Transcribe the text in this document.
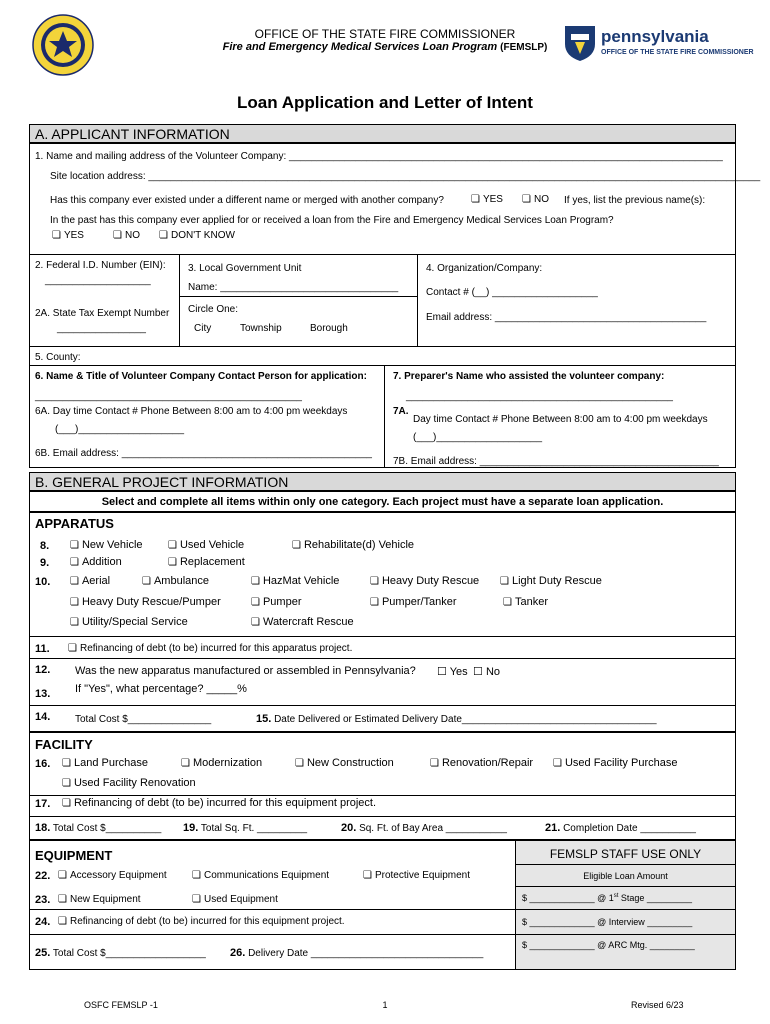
OFFICE OF THE STATE FIRE COMMISSIONER
Fire and Emergency Medical Services Loan Program (FEMSLP)
pennsylvania
OFFICE OF THE STATE FIRE COMMISSIONER
Loan Application and Letter of Intent
A. APPLICANT INFORMATION
1. Name and mailing address of the Volunteer Company: ______________________________________________________________________________
Site location address: ______________________________________________________________________________________________________________
Has this company ever existed under a different name or merged with another company?	❏ YES	❏ NO If yes, list the previous name(s):
In the past has this company ever applied for or received a loan from the Fire and Emergency Medical Services Loan Program?
❏ YES	❏ NO	❏ DON'T KNOW
2. Federal I.D. Number (EIN):
___________________
2A. State Tax Exempt Number
________________
3. Local Government Unit
Name: ________________________________
Circle One:
City	Township	Borough
4. Organization/Company:
Contact # (__) ___________________
Email address: ______________________________________
5. County:
6. Name & Title of Volunteer Company Contact Person for application:
________________________________________________
6A. Day time Contact # Phone Between 8:00 am to 4:00 pm weekdays
(___)___________________
6B. Email address: _____________________________________________
7. Preparer's Name who assisted the volunteer company:
________________________________________________
7A.
Day time Contact # Phone Between 8:00 am to 4:00 pm weekdays
(___)___________________
7B. Email address: ___________________________________________
B. GENERAL PROJECT INFORMATION
Select and complete all items within only one category. Each project must have a separate loan application.
APPARATUS
8.	❏ New Vehicle	❏ Used Vehicle	❏ Rehabilitate(d) Vehicle
9.	❏ Addition	❏ Replacement
10.	❏ Aerial	❏ Ambulance	❏ HazMat Vehicle	❏ Heavy Duty Rescue	❏ Light Duty Rescue
❏ Heavy Duty Rescue/Pumper	❏ Pumper	❏ Pumper/Tanker	❏ Tanker
❏ Utility/Special Service	❏ Watercraft Rescue
11.	❏ Refinancing of debt (to be) incurred for this apparatus project.
12. Was the new apparatus manufactured or assembled in Pennsylvania? ☐ Yes ☐ No
13. If "Yes", what percentage? _____%
14. Total Cost $_______________	15. Date Delivered or Estimated Delivery Date___________________________________
FACILITY
16.	❏ Land Purchase	❏ Modernization	❏ New Construction	❏ Renovation/Repair	❏ Used Facility Purchase
❏ Used Facility Renovation
17.	❏ Refinancing of debt (to be) incurred for this equipment project.
18. Total Cost $__________ 19. Total Sq. Ft. _________	20. Sq. Ft. of Bay Area ___________	21. Completion Date __________
EQUIPMENT
22.	❏ Accessory Equipment	❏ Communications Equipment	❏ Protective Equipment
23.	❏ New Equipment	❏ Used Equipment
24.	❏ Refinancing of debt (to be) incurred for this equipment project.
25. Total Cost $__________________ 26. Delivery Date _______________________________
FEMSLP STAFF USE ONLY
Eligible Loan Amount
$ _____________ @ 1st Stage _________
$ _____________ @ Interview _________
$ _____________ @ ARC Mtg. _________
OSFC FEMSLP -1	1	Revised 6/23
